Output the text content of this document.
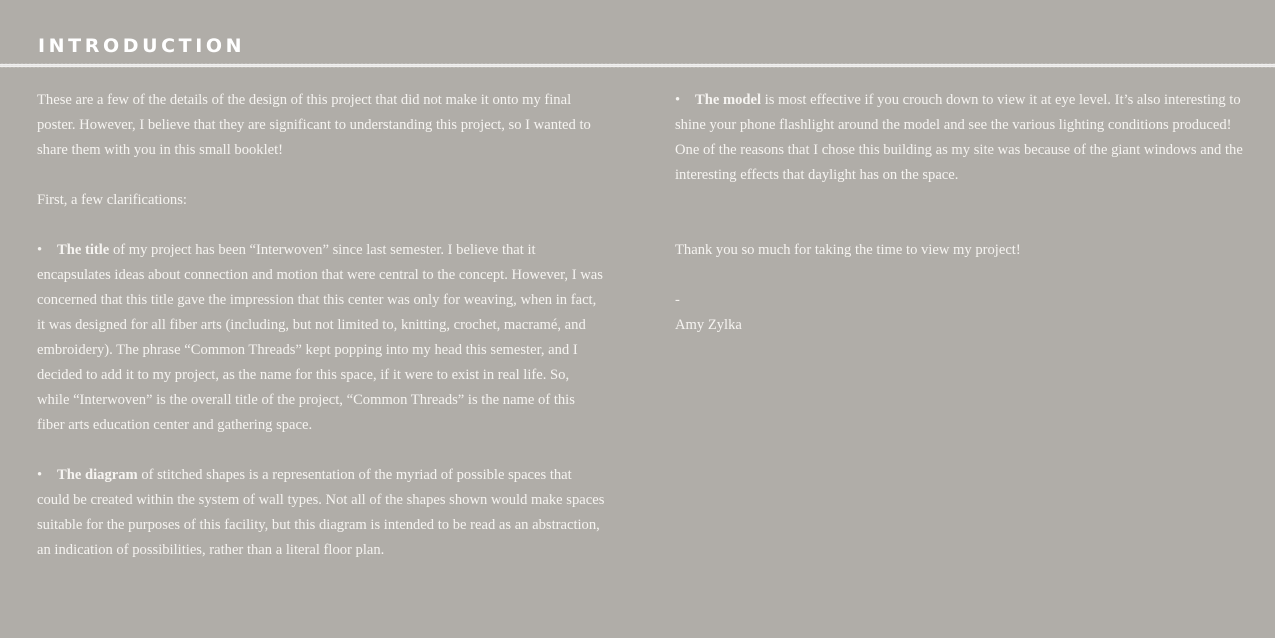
INTRODUCTION

These are a few of the details of the design of this project that did not make it onto my final poster. However, I believe that they are significant to understanding this project, so I wanted to share them with you in this small booklet!

First, a few clarifications:

• The title of my project has been “Interwoven” since last semester. I believe that it encapsulates ideas about connection and motion that were central to the concept. However, I was concerned that this title gave the impression that this center was only for weaving, when in fact, it was designed for all fiber arts (including, but not limited to, knitting, crochet, macramé, and embroidery). The phrase “Common Threads” kept popping into my head this semester, and I decided to add it to my project, as the name for this space, if it were to exist in real life. So, while “Interwoven” is the overall title of the project, “Common Threads” is the name of this fiber arts education center and gathering space.

• The diagram of stitched shapes is a representation of the myriad of possible spaces that could be created within the system of wall types. Not all of the shapes shown would make spaces suitable for the purposes of this facility, but this diagram is intended to be read as an abstraction, an indication of possibilities, rather than a literal floor plan.

• The model is most effective if you crouch down to view it at eye level. It’s also interesting to shine your phone flashlight around the model and see the various lighting conditions produced! One of the reasons that I chose this building as my site was because of the giant windows and the interesting effects that daylight has on the space.

Thank you so much for taking the time to view my project!

-

Amy Zylka
